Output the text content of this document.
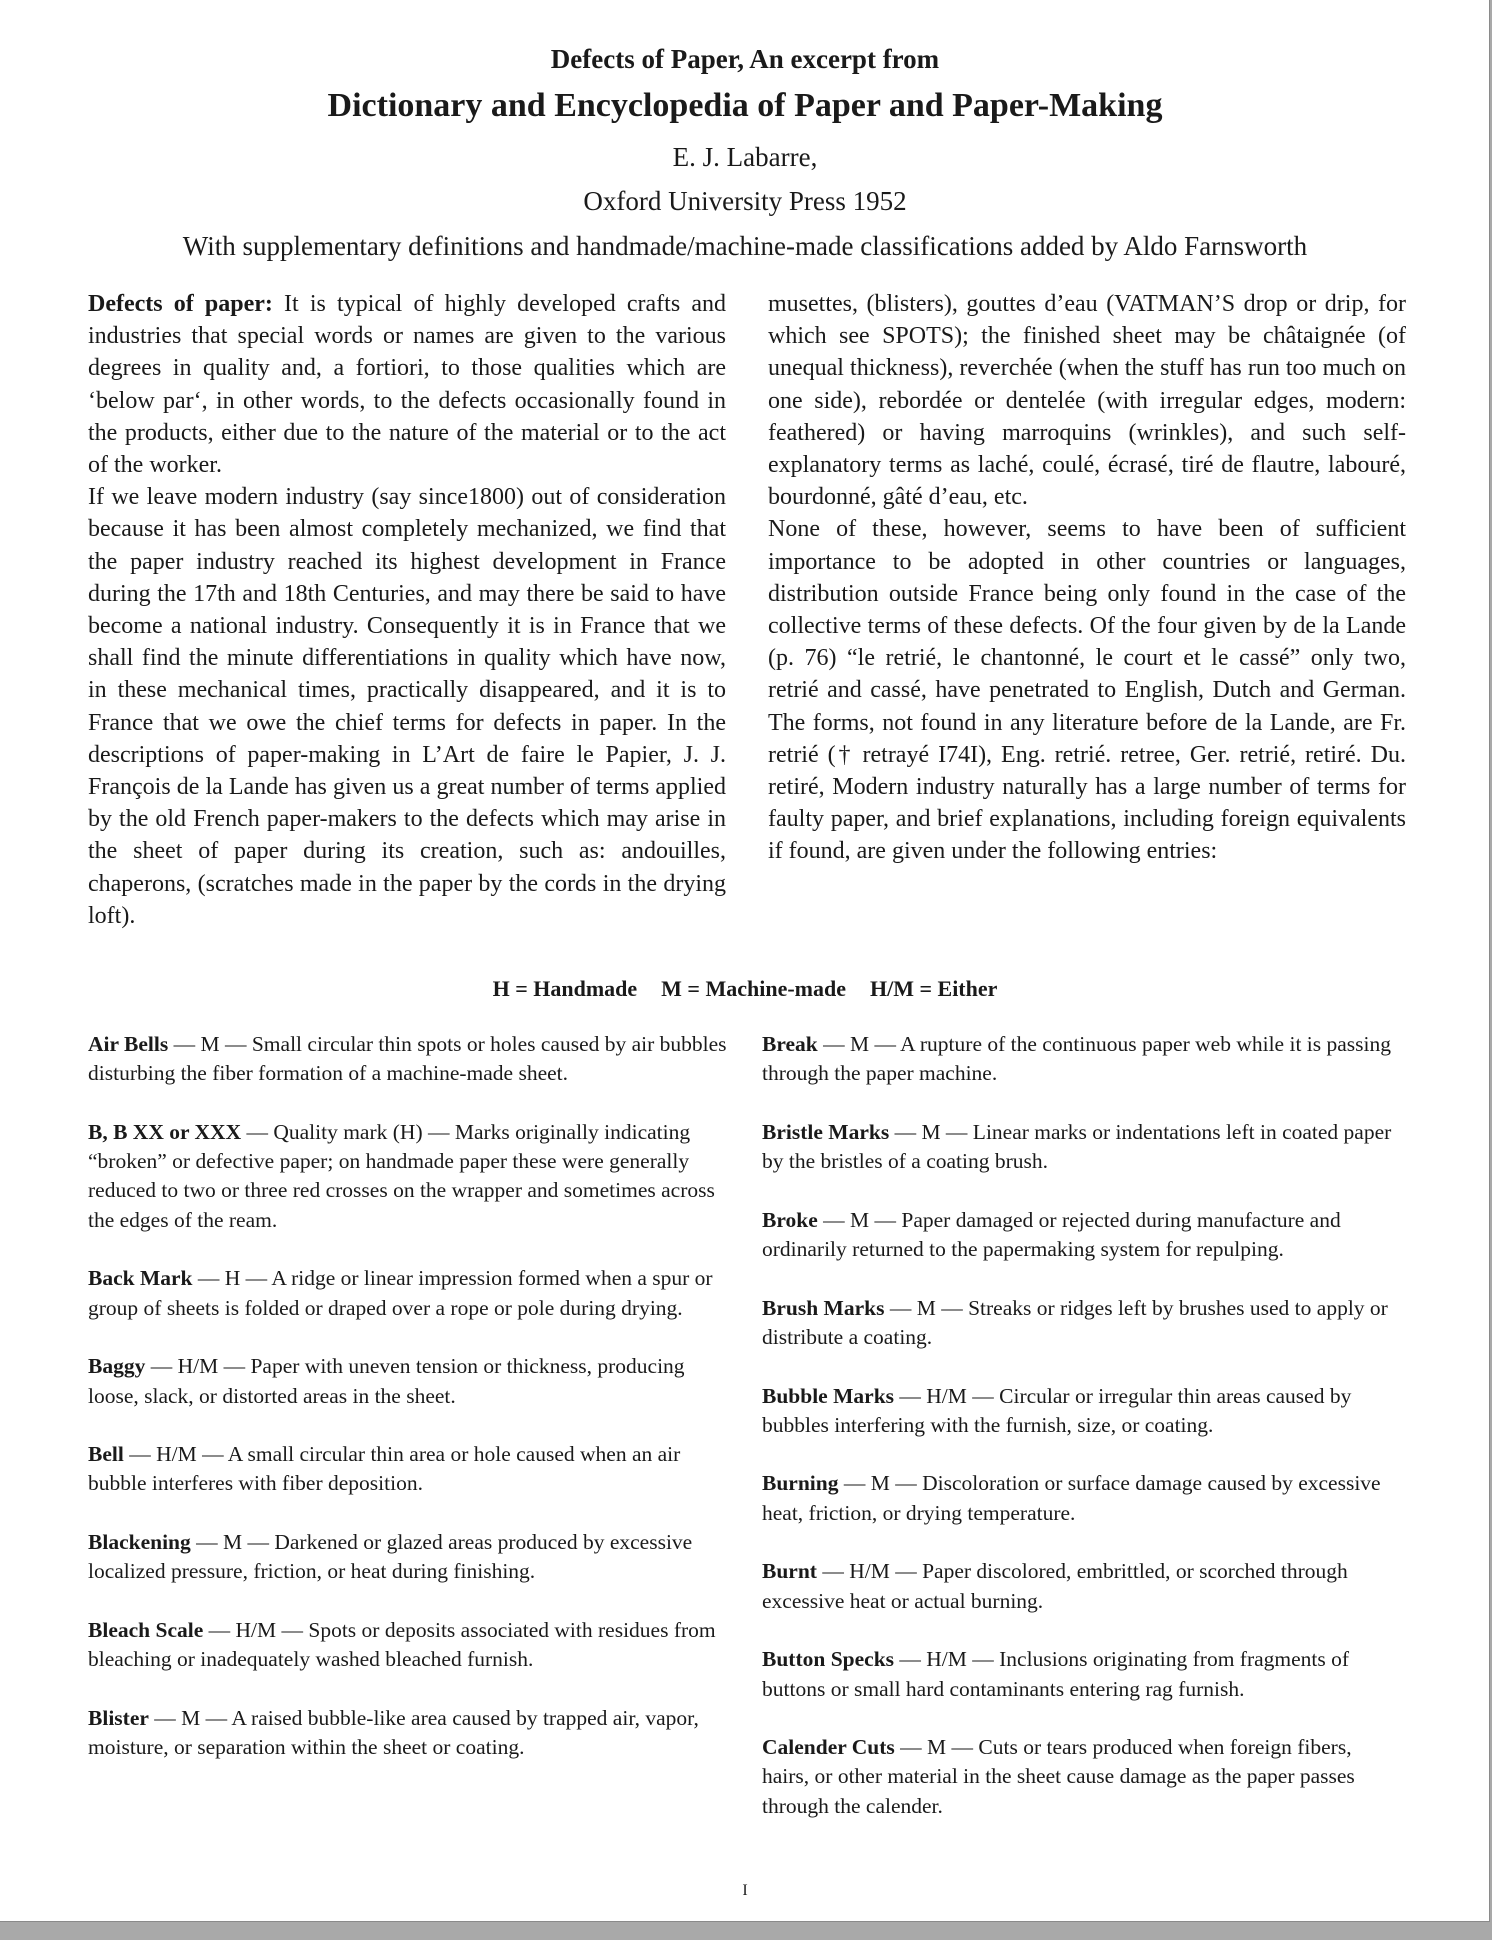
Defects of Paper, An excerpt from
Dictionary and Encyclopedia of Paper and Paper-Making
E. J. Labarre,
Oxford University Press 1952
With supplementary definitions and handmade/machine-made classifications added by Aldo Farnsworth

Defects of paper: It is typical of highly developed crafts and industries that special words or names are given to the various degrees in quality and, a fortiori, to those qualities which are ‘below par‘, in other words, to the defects occasionally found in the products, either due to the nature of the material or to the act of the worker.

If we leave modern industry (say since1800) out of consideration because it has been almost completely mechanized, we find that the paper industry reached its highest development in France during the 17th and 18th Centuries, and may there be said to have become a national industry. Consequently it is in France that we shall find the minute differentiations in quality which have now, in these mechanical times, practically disappeared, and it is to France that we owe the chief terms for defects in paper. In the descriptions of paper-making in L’Art de faire le Papier, J. J. François de la Lande has given us a great number of terms applied by the old French paper-makers to the defects which may arise in the sheet of paper during its creation, such as: andouilles, chaperons, (scratches made in the paper by the cords in the drying loft).

musettes, (blisters), gouttes d’eau (VATMAN’S drop or drip, for which see SPOTS); the finished sheet may be châtaignée (of unequal thickness), reverchée (when the stuff has run too much on one side), rebordée or dentelée (with irregular edges, modern: feathered) or having marroquins (wrinkles), and such self-explanatory terms as laché, coulé, écrasé, tiré de flautre, labouré, bourdonné, gâté d’eau, etc.

None of these, however, seems to have been of sufficient importance to be adopted in other countries or languages, distribution outside France being only found in the case of the collective terms of these defects. Of the four given by de la Lande (p. 76) “le retrié, le chantonné, le court et le cassé” only two, retrié and cassé, have penetrated to English, Dutch and German. The forms, not found in any literature before de la Lande, are Fr. retrié († retrayé I74I), Eng. retrié. retree, Ger. retrié, retiré. Du. retiré, Modern industry naturally has a large number of terms for faulty paper, and brief explanations, including foreign equivalents if found, are given under the following entries:

H = Handmade M = Machine-made H/M = Either

Air Bells — M — Small circular thin spots or holes caused by air bubbles disturbing the fiber formation of a machine-made sheet.

B, B XX or XXX — Quality mark (H) — Marks originally indicating “broken” or defective paper; on handmade paper these were generally reduced to two or three red crosses on the wrapper and sometimes across the edges of the ream.

Back Mark — H — A ridge or linear impression formed when a spur or group of sheets is folded or draped over a rope or pole during drying.

Baggy — H/M — Paper with uneven tension or thickness, producing loose, slack, or distorted areas in the sheet.

Bell — H/M — A small circular thin area or hole caused when an air bubble interferes with fiber deposition.

Blackening — M — Darkened or glazed areas produced by excessive localized pressure, friction, or heat during finishing.

Bleach Scale — H/M — Spots or deposits associated with residues from bleaching or inadequately washed bleached furnish.

Blister — M — A raised bubble-like area caused by trapped air, vapor, moisture, or separation within the sheet or coating.

Break — M — A rupture of the continuous paper web while it is passing through the paper machine.

Bristle Marks — M — Linear marks or indentations left in coated paper by the bristles of a coating brush.

Broke — M — Paper damaged or rejected during manufacture and ordinarily returned to the papermaking system for repulping.

Brush Marks — M — Streaks or ridges left by brushes used to apply or distribute a coating.

Bubble Marks — H/M — Circular or irregular thin areas caused by bubbles interfering with the furnish, size, or coating.

Burning — M — Discoloration or surface damage caused by excessive heat, friction, or drying temperature.

Burnt — H/M — Paper discolored, embrittled, or scorched through excessive heat or actual burning.

Button Specks — H/M — Inclusions originating from fragments of buttons or small hard contaminants entering rag furnish.

Calender Cuts — M — Cuts or tears produced when foreign fibers, hairs, or other material in the sheet cause damage as the paper passes through the calender.

I
